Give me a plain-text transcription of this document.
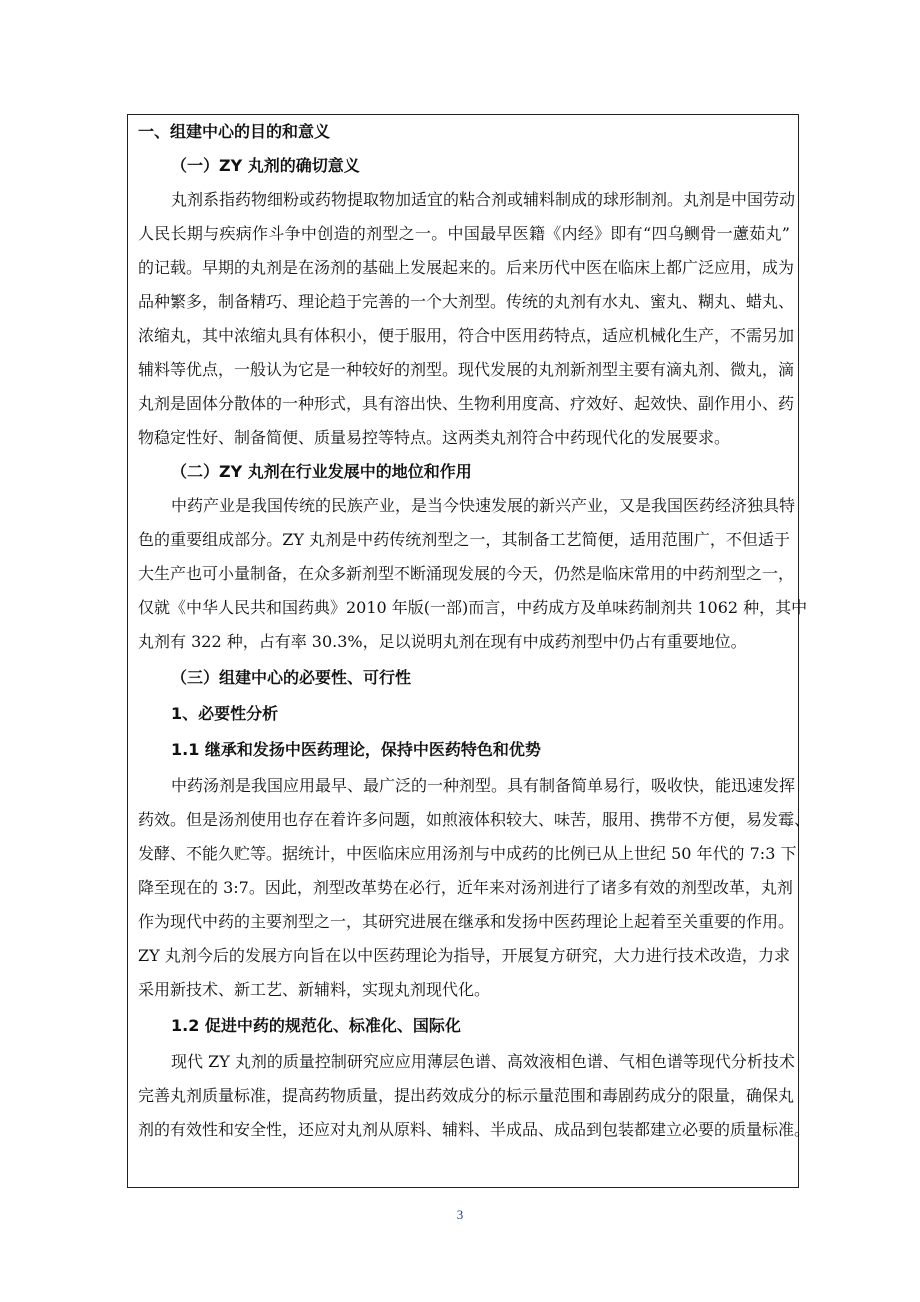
一、组建中心的目的和意义
（一）ZY 丸剂的确切意义
丸剂系指药物细粉或药物提取物加适宜的粘合剂或辅料制成的球形制剂。丸剂是中国劳动
人民长期与疾病作斗争中创造的剂型之一。中国最早医籍《内经》即有“四乌鲗骨一藘茹丸”
的记载。早期的丸剂是在汤剂的基础上发展起来的。后来历代中医在临床上都广泛应用，成为
品种繁多，制备精巧、理论趋于完善的一个大剂型。传统的丸剂有水丸、蜜丸、糊丸、蜡丸、
浓缩丸，其中浓缩丸具有体积小，便于服用，符合中医用药特点，适应机械化生产，不需另加
辅料等优点，一般认为它是一种较好的剂型。现代发展的丸剂新剂型主要有滴丸剂、微丸，滴
丸剂是固体分散体的一种形式，具有溶出快、生物利用度高、疗效好、起效快、副作用小、药
物稳定性好、制备简便、质量易控等特点。这两类丸剂符合中药现代化的发展要求。
（二）ZY 丸剂在行业发展中的地位和作用
中药产业是我国传统的民族产业，是当今快速发展的新兴产业，又是我国医药经济独具特
色的重要组成部分。ZY 丸剂是中药传统剂型之一，其制备工艺简便，适用范围广，不但适于
大生产也可小量制备，在众多新剂型不断涌现发展的今天，仍然是临床常用的中药剂型之一，
仅就《中华人民共和国药典》2010 年版(一部)而言，中药成方及单味药制剂共 1062 种，其中
丸剂有 322 种，占有率 30.3%，足以说明丸剂在现有中成药剂型中仍占有重要地位。
（三）组建中心的必要性、可行性
1、必要性分析
1.1 继承和发扬中医药理论，保持中医药特色和优势
中药汤剂是我国应用最早、最广泛的一种剂型。具有制备简单易行，吸收快，能迅速发挥
药效。但是汤剂使用也存在着许多问题，如煎液体积较大、味苦，服用、携带不方便，易发霉、
发酵、不能久贮等。据统计，中医临床应用汤剂与中成药的比例已从上世纪 50 年代的 7:3 下
降至现在的 3:7。因此，剂型改革势在必行，近年来对汤剂进行了诸多有效的剂型改革，丸剂
作为现代中药的主要剂型之一，其研究进展在继承和发扬中医药理论上起着至关重要的作用。
ZY 丸剂今后的发展方向旨在以中医药理论为指导，开展复方研究，大力进行技术改造，力求
采用新技术、新工艺、新辅料，实现丸剂现代化。
1.2 促进中药的规范化、标准化、国际化
现代 ZY 丸剂的质量控制研究应应用薄层色谱、高效液相色谱、气相色谱等现代分析技术
完善丸剂质量标准，提高药物质量，提出药效成分的标示量范围和毒剧药成分的限量，确保丸
剂的有效性和安全性，还应对丸剂从原料、辅料、半成品、成品到包装都建立必要的质量标准。
3
